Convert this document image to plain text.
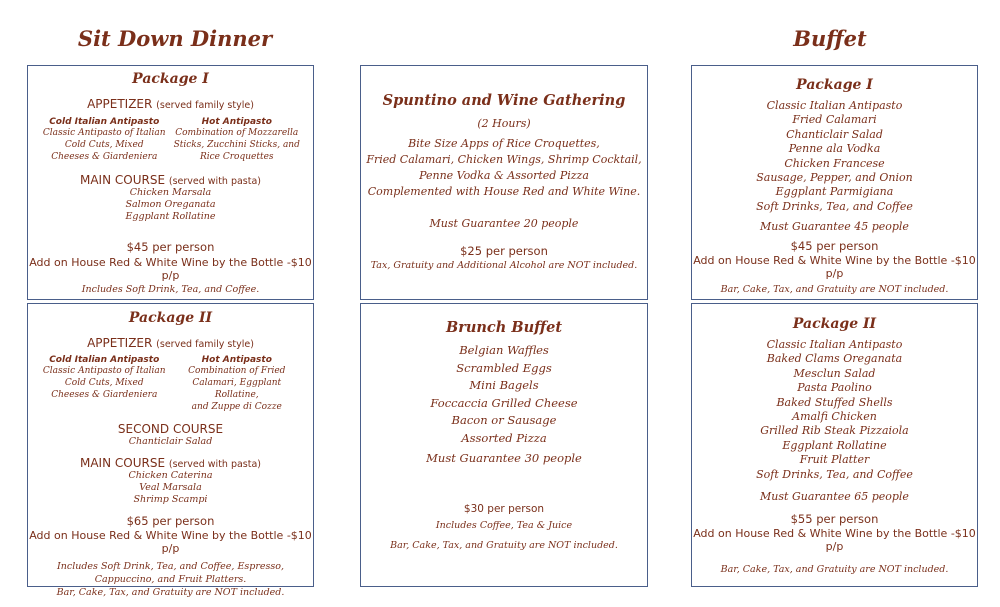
Sit Down Dinner	Buffet
Package I
APPETIZER (served family style)
Cold Italian Antipasto
Classic Antipasto of Italian
Cold Cuts, Mixed
Cheeses & Giardeniera
Hot Antipasto
Combination of Mozzarella
Sticks, Zucchini Sticks, and
Rice Croquettes
MAIN COURSE (served with pasta)
Chicken Marsala
Salmon Oreganata
Eggplant Rollatine
$45 per person
Add on House Red & White Wine by the Bottle -$10 p/p
Includes Soft Drink, Tea, and Coffee.
Package II
APPETIZER (served family style)
Cold Italian Antipasto
Classic Antipasto of Italian
Cold Cuts, Mixed
Cheeses & Giardeniera
Hot Antipasto
Combination of Fried
Calamari, Eggplant Rollatine,
and Zuppe di Cozze
SECOND COURSE
Chanticlair Salad
MAIN COURSE (served with pasta)
Chicken Caterina
Veal Marsala
Shrimp Scampi
$65 per person
Add on House Red & White Wine by the Bottle -$10 p/p
Includes Soft Drink, Tea, and Coffee, Espresso,
Cappuccino, and Fruit Platters.
Bar, Cake, Tax, and Gratuity are NOT included.
Spuntino and Wine Gathering
(2 Hours)
Bite Size Apps of Rice Croquettes,
Fried Calamari, Chicken Wings, Shrimp Cocktail,
Penne Vodka & Assorted Pizza
Complemented with House Red and White Wine.
Must Guarantee 20 people
$25 per person
Tax, Gratuity and Additional Alcohol are NOT included.
Brunch Buffet
Belgian Waffles
Scrambled Eggs
Mini Bagels
Foccaccia Grilled Cheese
Bacon or Sausage
Assorted Pizza
Must Guarantee 30 people
$30 per person
Includes Coffee, Tea & Juice
Bar, Cake, Tax, and Gratuity are NOT included.
Package I
Classic Italian Antipasto
Fried Calamari
Chanticlair Salad
Penne ala Vodka
Chicken Francese
Sausage, Pepper, and Onion
Eggplant Parmigiana
Soft Drinks, Tea, and Coffee
Must Guarantee 45 people
$45 per person
Add on House Red & White Wine by the Bottle -$10 p/p
Bar, Cake, Tax, and Gratuity are NOT included.
Package II
Classic Italian Antipasto
Baked Clams Oreganata
Mesclun Salad
Pasta Paolino
Baked Stuffed Shells
Amalfi Chicken
Grilled Rib Steak Pizzaiola
Eggplant Rollatine
Fruit Platter
Soft Drinks, Tea, and Coffee
Must Guarantee 65 people
$55 per person
Add on House Red & White Wine by the Bottle -$10 p/p
Bar, Cake, Tax, and Gratuity are NOT included.
